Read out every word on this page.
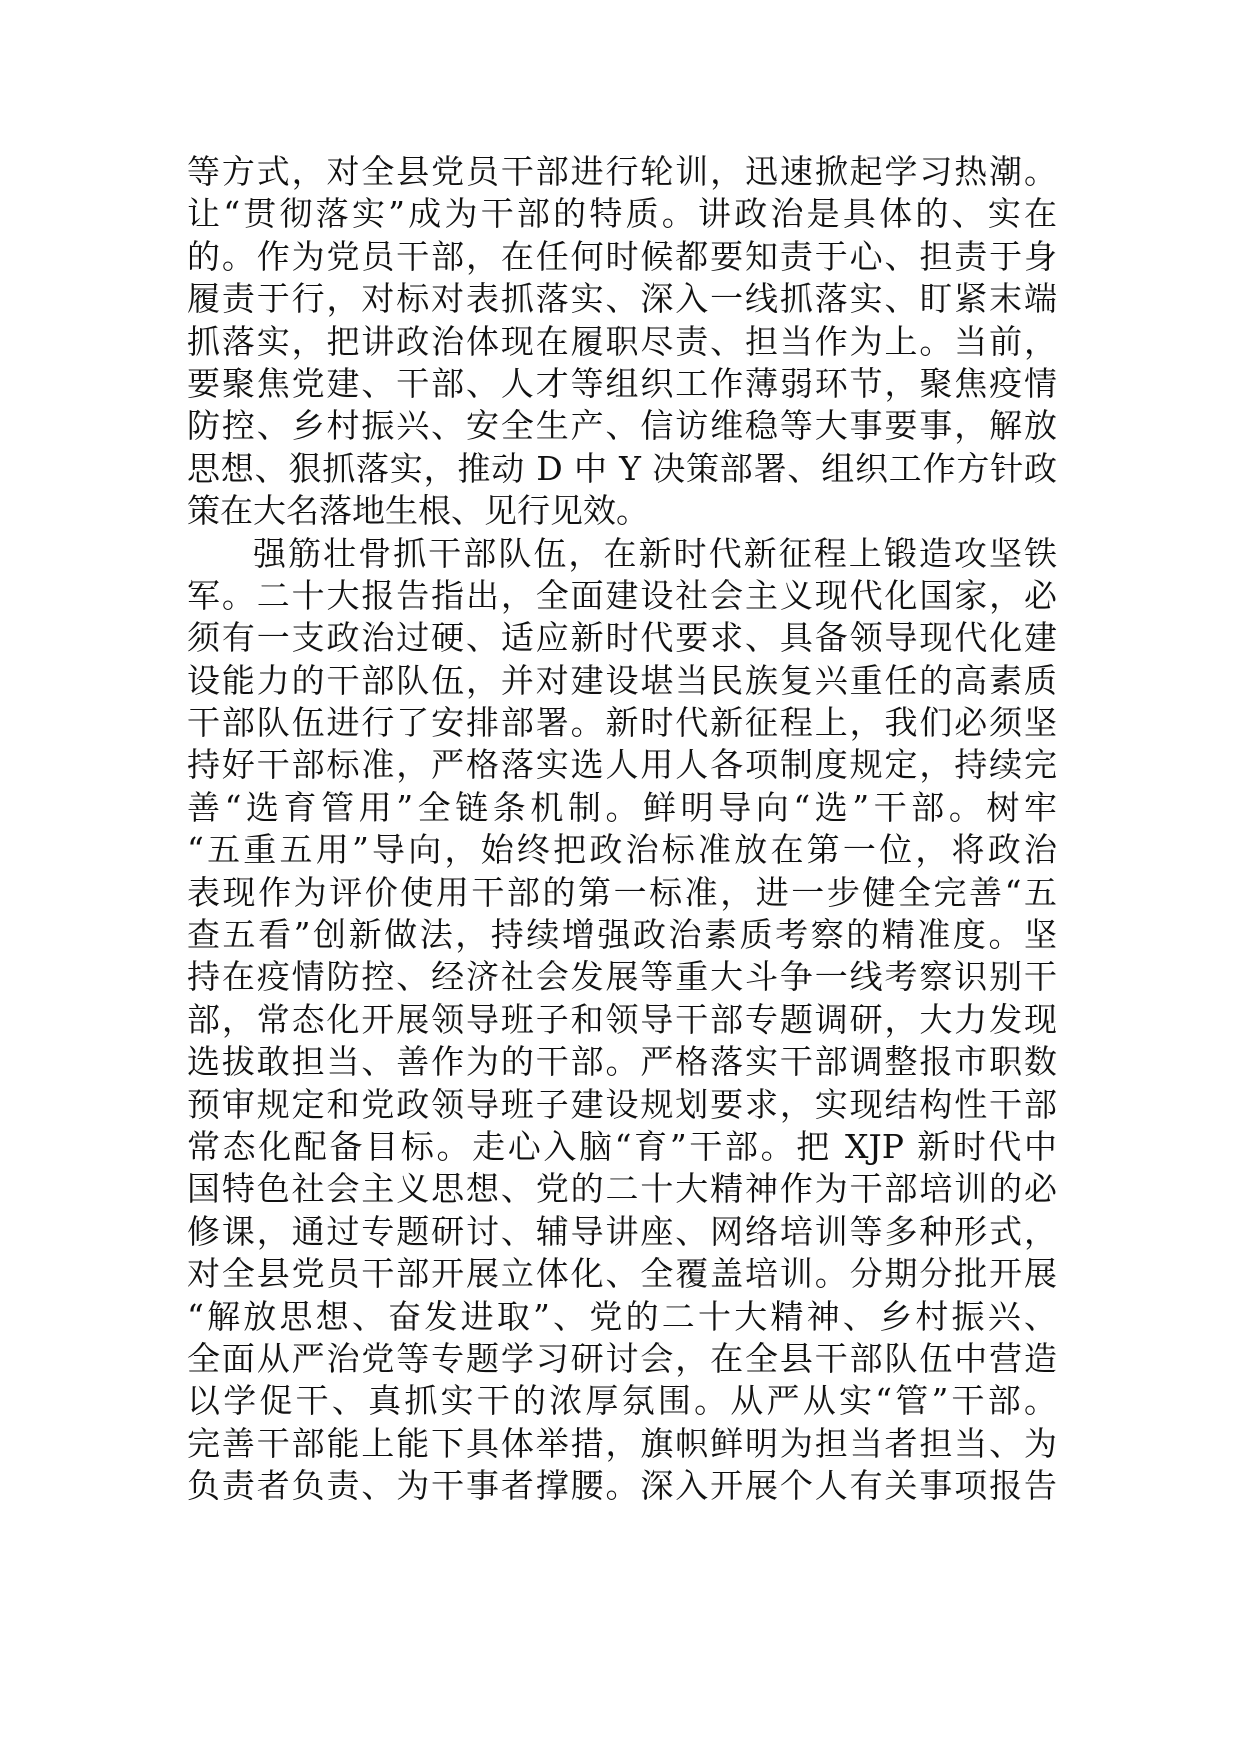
等方式，对全县党员干部进行轮训，迅速掀起学习热潮。
让“贯彻落实”成为干部的特质。讲政治是具体的、实在
的。作为党员干部，在任何时候都要知责于心、担责于身
履责于行，对标对表抓落实、深入一线抓落实、盯紧末端
抓落实，把讲政治体现在履职尽责、担当作为上。当前，
要聚焦党建、干部、人才等组织工作薄弱环节，聚焦疫情
防控、乡村振兴、安全生产、信访维稳等大事要事，解放
思想、狠抓落实，推动 D 中 Y 决策部署、组织工作方针政
策在大名落地生根、见行见效。
强筋壮骨抓干部队伍，在新时代新征程上锻造攻坚铁
军。二十大报告指出，全面建设社会主义现代化国家，必
须有一支政治过硬、适应新时代要求、具备领导现代化建
设能力的干部队伍，并对建设堪当民族复兴重任的高素质
干部队伍进行了安排部署。新时代新征程上，我们必须坚
持好干部标准，严格落实选人用人各项制度规定，持续完
善“选育管用”全链条机制。鲜明导向“选”干部。树牢
“五重五用”导向，始终把政治标准放在第一位，将政治
表现作为评价使用干部的第一标准，进一步健全完善“五
查五看”创新做法，持续增强政治素质考察的精准度。坚
持在疫情防控、经济社会发展等重大斗争一线考察识别干
部，常态化开展领导班子和领导干部专题调研，大力发现
选拔敢担当、善作为的干部。严格落实干部调整报市职数
预审规定和党政领导班子建设规划要求，实现结构性干部
常态化配备目标。走心入脑“育”干部。把 XJP 新时代中
国特色社会主义思想、党的二十大精神作为干部培训的必
修课，通过专题研讨、辅导讲座、网络培训等多种形式，
对全县党员干部开展立体化、全覆盖培训。分期分批开展
“解放思想、奋发进取”、党的二十大精神、乡村振兴、
全面从严治党等专题学习研讨会，在全县干部队伍中营造
以学促干、真抓实干的浓厚氛围。从严从实“管”干部。
完善干部能上能下具体举措，旗帜鲜明为担当者担当、为
负责者负责、为干事者撑腰。深入开展个人有关事项报告
